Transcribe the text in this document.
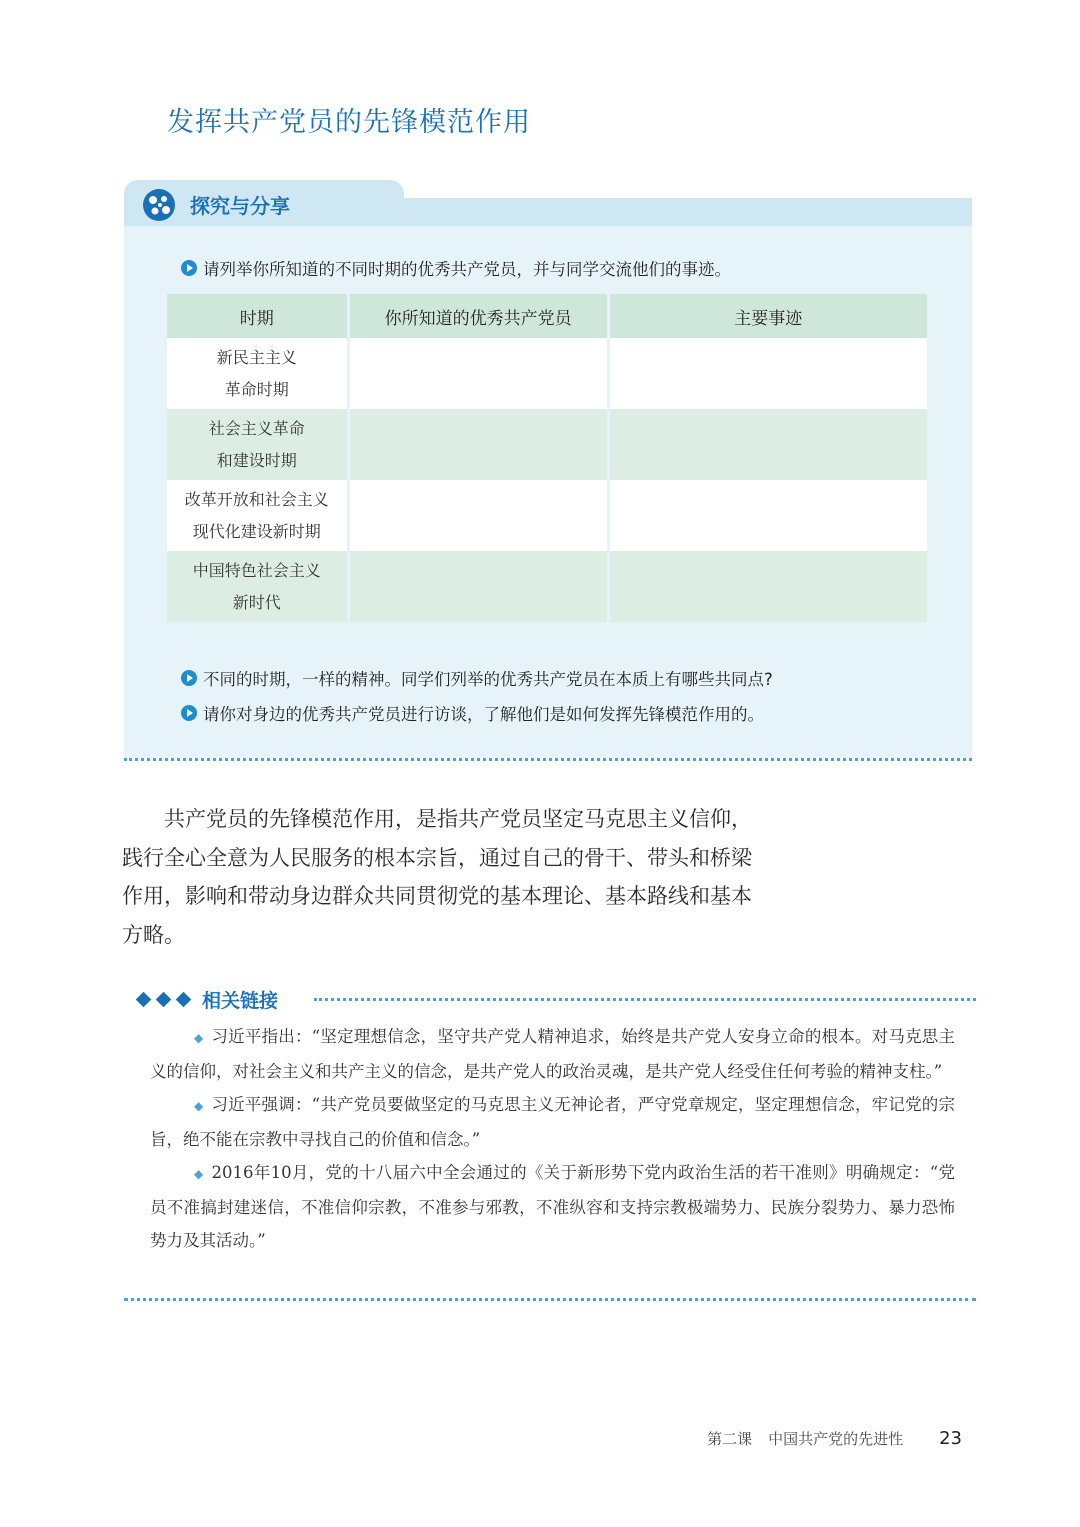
发挥共产党员的先锋模范作用
探究与分享
请列举你所知道的不同时期的优秀共产党员，并与同学交流他们的事迹。
时期	你所知道的优秀共产党员	主要事迹

新民主主义
革命时期		

社会主义革命
和建设时期		

改革开放和社会主义
现代化建设新时期		

中国特色社会主义
新时代		

不同的时期，一样的精神。同学们列举的优秀共产党员在本质上有哪些共同点?
请你对身边的优秀共产党员进行访谈，了解他们是如何发挥先锋模范作用的。
共产党员的先锋模范作用，是指共产党员坚定马克思主义信仰，践行全心全意为人民服务的根本宗旨，通过自己的骨干、带头和桥梁作用，影响和带动身边群众共同贯彻党的基本理论、基本路线和基本方略。
相关链接

◆ 习近平指出：“坚定理想信念，坚守共产党人精神追求，始终是共产党人安身立命的根本。对马克思主义的信仰，对社会主义和共产主义的信念，是共产党人的政治灵魂，是共产党人经受住任何考验的精神支柱。”

◆ 习近平强调：“共产党员要做坚定的马克思主义无神论者，严守党章规定，坚定理想信念，牢记党的宗旨，绝不能在宗教中寻找自己的价值和信念。”

◆ 2016年10月，党的十八届六中全会通过的《关于新形势下党内政治生活的若干准则》明确规定：“党员不准搞封建迷信，不准信仰宗教，不准参与邪教，不准纵容和支持宗教极端势力、民族分裂势力、暴力恐怖势力及其活动。”

第二课 中国共产党的先进性 23
